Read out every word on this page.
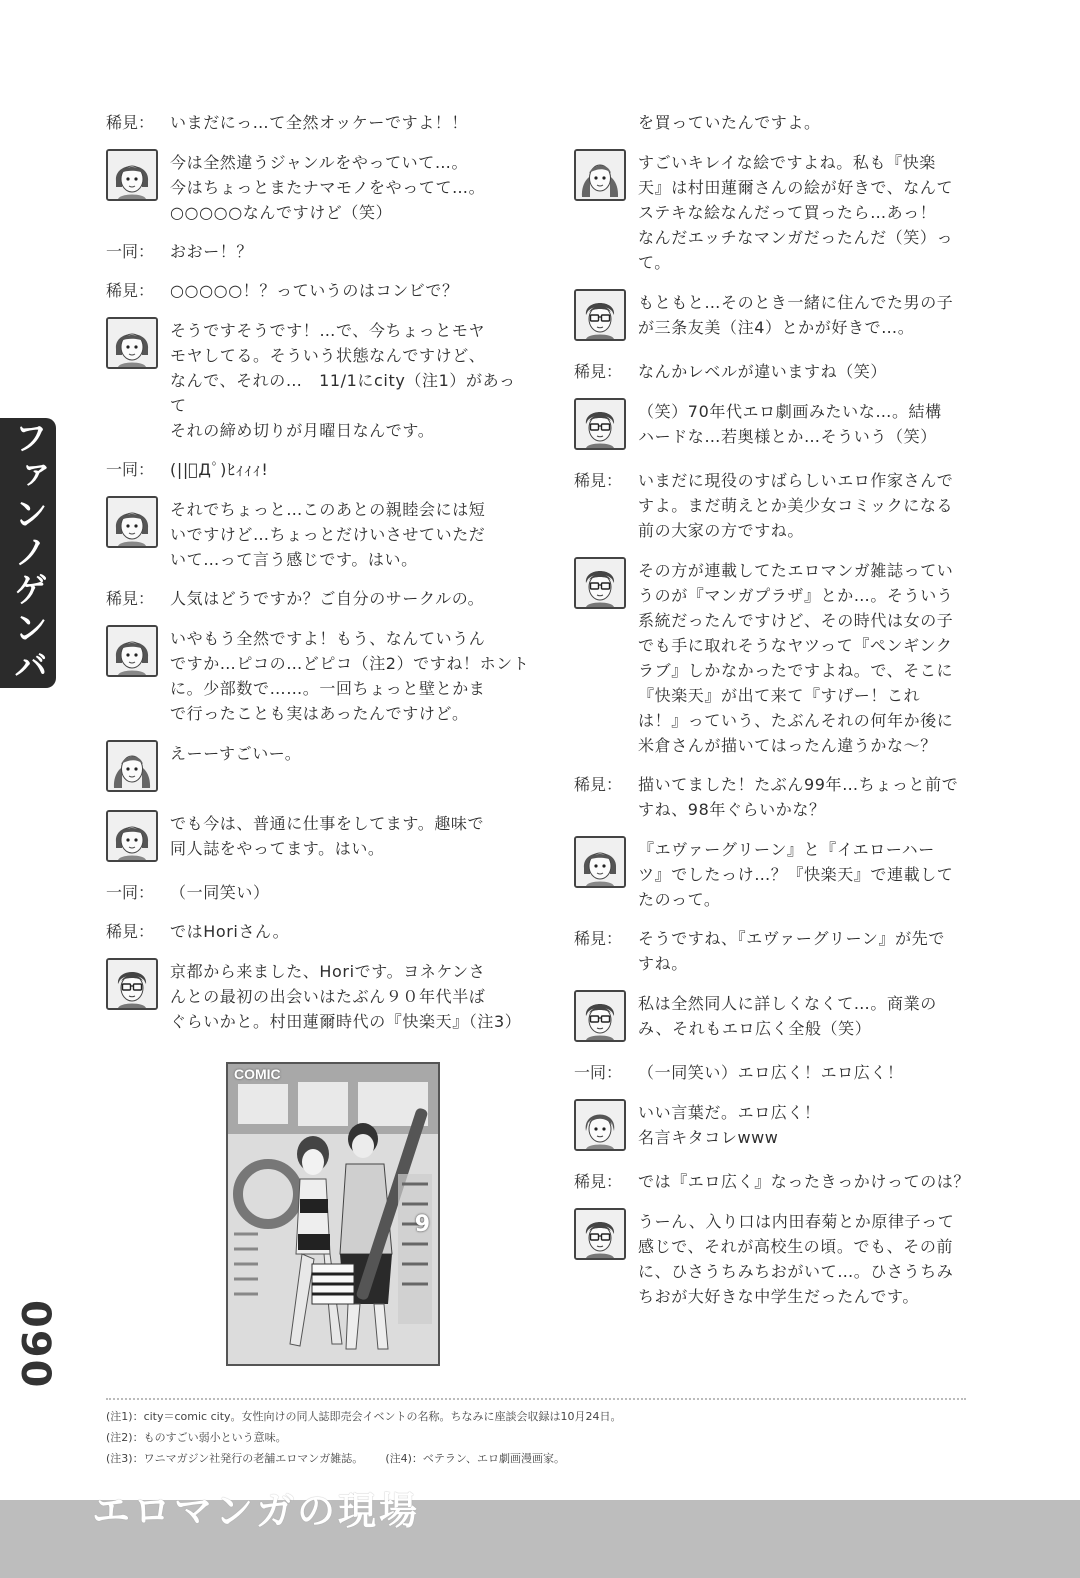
ファンノゲンバ
090
稀見： いまだにっ…て全然オッケーですよ！！
今は全然違うジャンルをやっていて…。
今はちょっとまたナマモノをやってて…。
○○○○○なんですけど（笑）
一同： おおー！？
稀見： ○○○○○！？っていうのはコンビで？
そうですそうです！…で、今ちょっとモヤ
モヤしてる。そういう状態なんですけど、
なんで、それの…　11/1にcity（注1）があって
それの締め切りが月曜日なんです。
一同： (||ﾟДﾟ)ﾋｨｨｨ!
それでちょっと…このあとの親睦会には短
いですけど…ちょっとだけいさせていただ
いて…って言う感じです。はい。
稀見： 人気はどうですか？ご自分のサークルの。
いやもう全然ですよ！もう、なんていうん
ですか…ピコの…どピコ（注2）ですね！ホント
に。少部数で……。一回ちょっと壁とかま
で行ったことも実はあったんですけど。
えーーすごいー。
でも今は、普通に仕事をしてます。趣味で
同人誌をやってます。はい。
一同： （一同笑い）
稀見： ではHoriさん。
京都から来ました、Horiです。ヨネケンさ
んとの最初の出会いはたぶん９０年代半ば
ぐらいかと。村田蓮爾時代の『快楽天』（注3）
を買っていたんですよ。
すごいキレイな絵ですよね。私も『快楽
天』は村田蓮爾さんの絵が好きで、なんて
ステキな絵なんだって買ったら…あっ！
なんだエッチなマンガだったんだ（笑）っ
て。
もともと…そのとき一緒に住んでた男の子
が三条友美（注4）とかが好きで…。
稀見： なんかレベルが違いますね（笑）
（笑）70年代エロ劇画みたいな…。結構
ハードな…若奥様とか…そういう（笑）
稀見： いまだに現役のすばらしいエロ作家さんで
すよ。まだ萌えとか美少女コミックになる
前の大家の方ですね。
その方が連載してたエロマンガ雑誌ってい
うのが『マンガプラザ』とか…。そういう
系統だったんですけど、その時代は女の子
でも手に取れそうなヤツって『ペンギンク
ラブ』しかなかったですよね。で、そこに
『快楽天』が出て来て『すげー！これ
は！』っていう、たぶんそれの何年か後に
米倉さんが描いてはったん違うかな～？
稀見： 描いてました！たぶん99年…ちょっと前で
すね、98年ぐらいかな？
『エヴァーグリーン』と『イエローハー
ツ』でしたっけ…？『快楽天』で連載して
たのって。
稀見： そうですね、『エヴァーグリーン』が先で
すね。
私は全然同人に詳しくなくて…。商業の
み、それもエロ広く全般（笑）
一同： （一同笑い）エロ広く！エロ広く！
いい言葉だ。エロ広く！
名言キタコレwww
稀見： では『エロ広く』なったきっかけってのは？
うーん、入り口は内田春菊とか原律子って
感じで、それが高校生の頃。でも、その前
に、ひさうちみちおがいて…。ひさうちみ
ちおが大好きな中学生だったんです。
COMIC
9
(注1)：city＝comic city。女性向けの同人誌即売会イベントの名称。ちなみに座談会収録は10月24日。
(注2)：ものすごい弱小という意味。
(注3)：ワニマガジン社発行の老舗エロマンガ雑誌。 (注4)：ベテラン、エロ劇画漫画家。
エロマンガの現場
